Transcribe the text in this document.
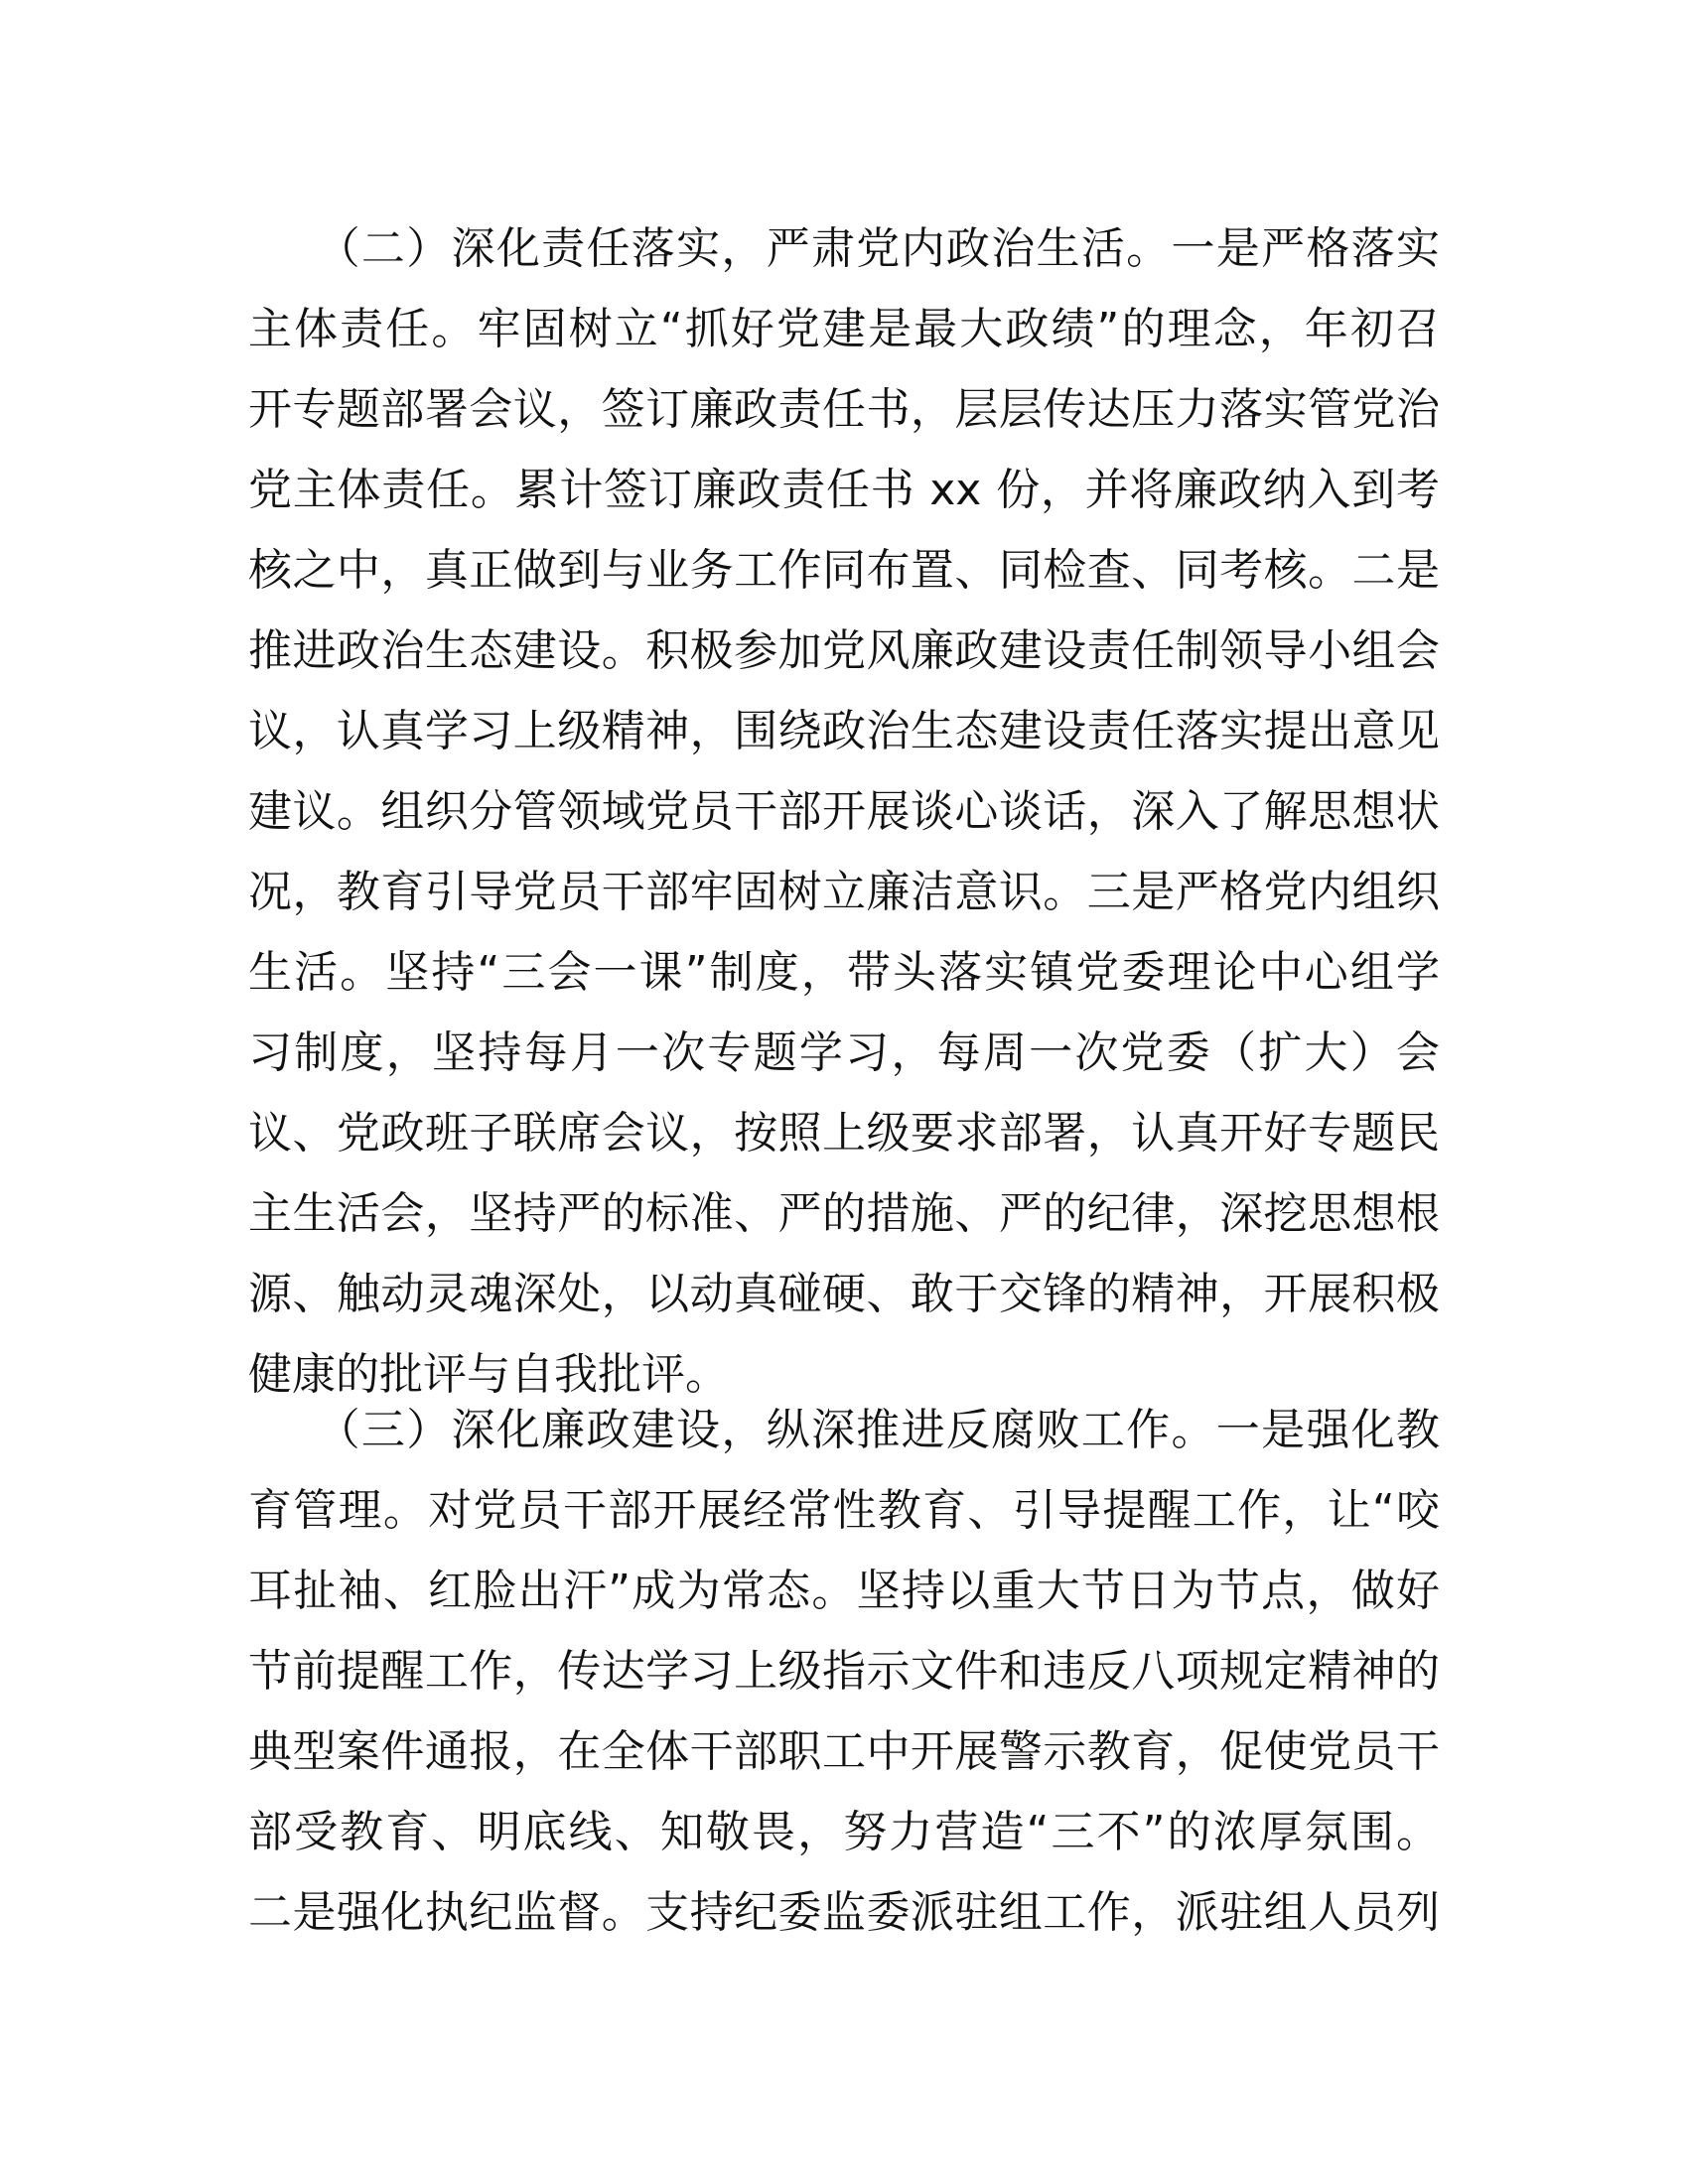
　　（二）深化责任落实，严肃党内政治生活。一是严格落实
主体责任。牢固树立“抓好党建是最大政绩”的理念，年初召
开专题部署会议，签订廉政责任书，层层传达压力落实管党治
党主体责任。累计签订廉政责任书 xx 份，并将廉政纳入到考
核之中，真正做到与业务工作同布置、同检查、同考核。二是
推进政治生态建设。积极参加党风廉政建设责任制领导小组会
议，认真学习上级精神，围绕政治生态建设责任落实提出意见
建议。组织分管领域党员干部开展谈心谈话，深入了解思想状
况，教育引导党员干部牢固树立廉洁意识。三是严格党内组织
生活。坚持“三会一课”制度，带头落实镇党委理论中心组学
习制度，坚持每月一次专题学习，每周一次党委（扩大）会
议、党政班子联席会议，按照上级要求部署，认真开好专题民
主生活会，坚持严的标准、严的措施、严的纪律，深挖思想根
源、触动灵魂深处，以动真碰硬、敢于交锋的精神，开展积极
健康的批评与自我批评。
　　（三）深化廉政建设，纵深推进反腐败工作。一是强化教
育管理。对党员干部开展经常性教育、引导提醒工作，让“咬
耳扯袖、红脸出汗”成为常态。坚持以重大节日为节点，做好
节前提醒工作，传达学习上级指示文件和违反八项规定精神的
典型案件通报，在全体干部职工中开展警示教育，促使党员干
部受教育、明底线、知敬畏，努力营造“三不”的浓厚氛围。
二是强化执纪监督。支持纪委监委派驻组工作，派驻组人员列
